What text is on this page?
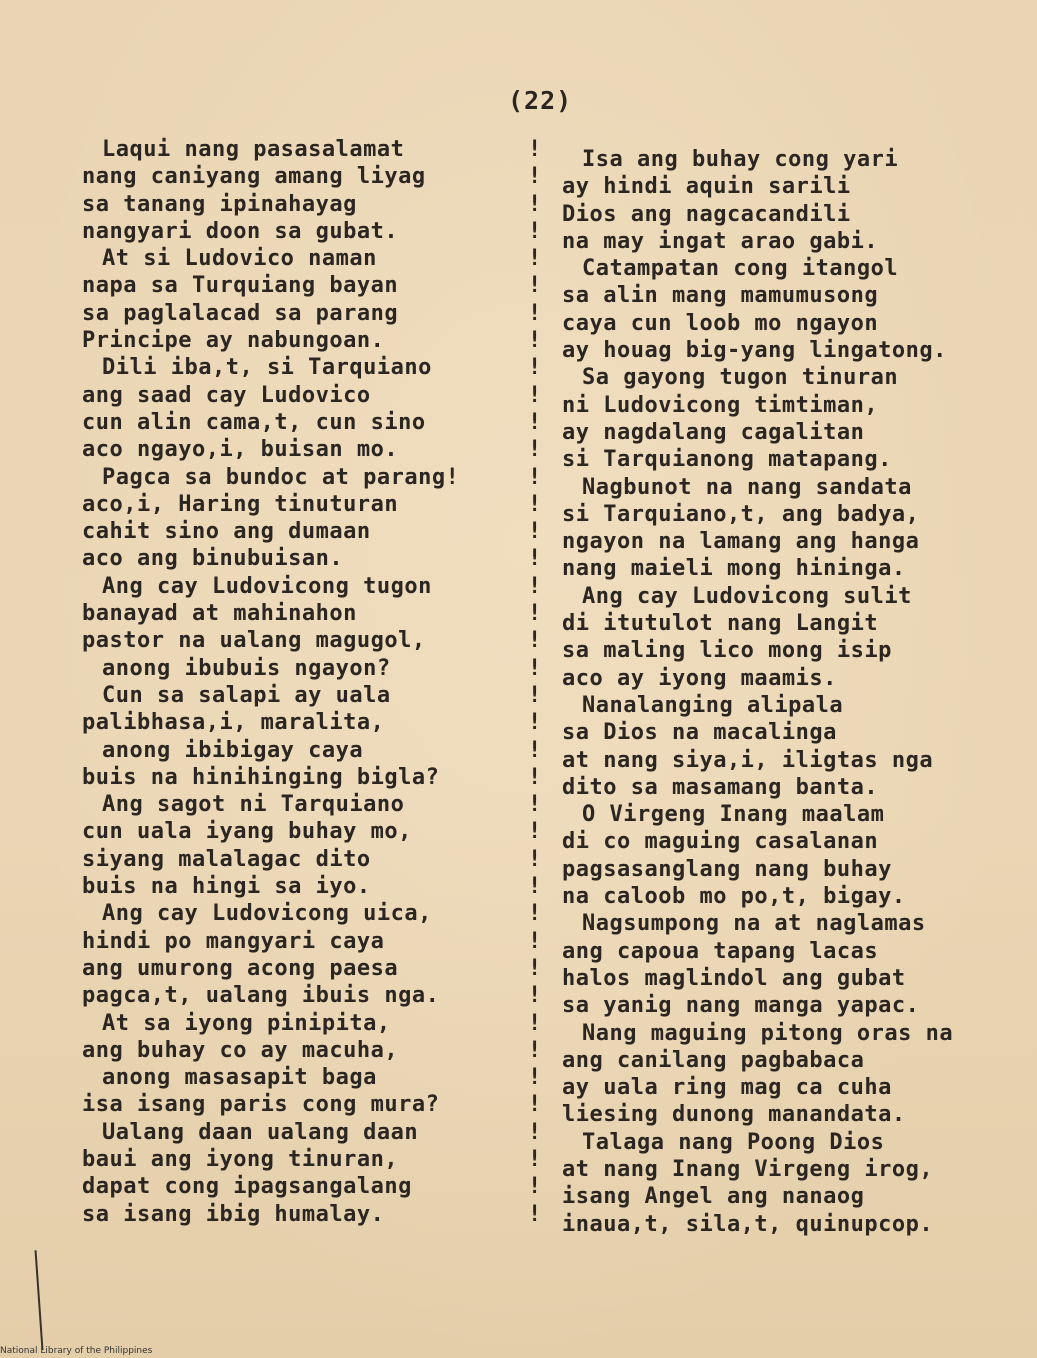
(22)
Laqui nang pasasalamat
nang caniyang amang liyag
sa tanang ipinahayag
nangyari doon sa gubat.
At si Ludovico naman
napa sa Turquiang bayan
sa paglalacad sa parang
Principe ay nabungoan.
Dili iba,t, si Tarquiano
ang saad cay Ludovico
cun alin cama,t, cun sino
aco ngayo,i, buisan mo.
Pagca sa bundoc at parang!
aco,i, Haring tinuturan
cahit sino ang dumaan
aco ang binubuisan.
Ang cay Ludovicong tugon
banayad at mahinahon
pastor na ualang magugol,
anong ibubuis ngayon?
Cun sa salapi ay uala
palibhasa,i, maralita,
anong ibibigay caya
buis na hinihinging bigla?
Ang sagot ni Tarquiano
cun uala iyang buhay mo,
siyang malalagac dito
buis na hingi sa iyo.
Ang cay Ludovicong uica,
hindi po mangyari caya
ang umurong acong paesa
pagca,t, ualang ibuis nga.
At sa iyong pinipita,
ang buhay co ay macuha,
anong masasapit baga
isa isang paris cong mura?
Ualang daan ualang daan
baui ang iyong tinuran,
dapat cong ipagsangalang
sa isang ibig humalay.
!
!
!
!
!
!
!
!
!
!
!
!
!
!
!
!
!
!
!
!
!
!
!
!
!
!
!
!
!
!
!
!
!
!
!
!
!
!
!
!
Isa ang buhay cong yari
ay hindi aquin sarili
Dios ang nagcacandili
na may ingat arao gabi.
Catampatan cong itangol
sa alin mang mamumusong
caya cun loob mo ngayon
ay houag big-yang lingatong.
Sa gayong tugon tinuran
ni Ludovicong timtiman,
ay nagdalang cagalitan
si Tarquianong matapang.
Nagbunot na nang sandata
si Tarquiano,t, ang badya,
ngayon na lamang ang hanga
nang maieli mong hininga.
Ang cay Ludovicong sulit
di itutulot nang Langit
sa maling lico mong isip
aco ay iyong maamis.
Nanalanging alipala
sa Dios na macalinga
at nang siya,i, iligtas nga
dito sa masamang banta.
O Virgeng Inang maalam
di co maguing casalanan
pagsasanglang nang buhay
na caloob mo po,t, bigay.
Nagsumpong na at naglamas
ang capoua tapang lacas
halos maglindol ang gubat
sa yanig nang manga yapac.
Nang maguing pitong oras na
ang canilang pagbabaca
ay uala ring mag ca cuha
liesing dunong manandata.
Talaga nang Poong Dios
at nang Inang Virgeng irog,
isang Angel ang nanaog
inaua,t, sila,t, quinupcop.
National Library of the Philippines
